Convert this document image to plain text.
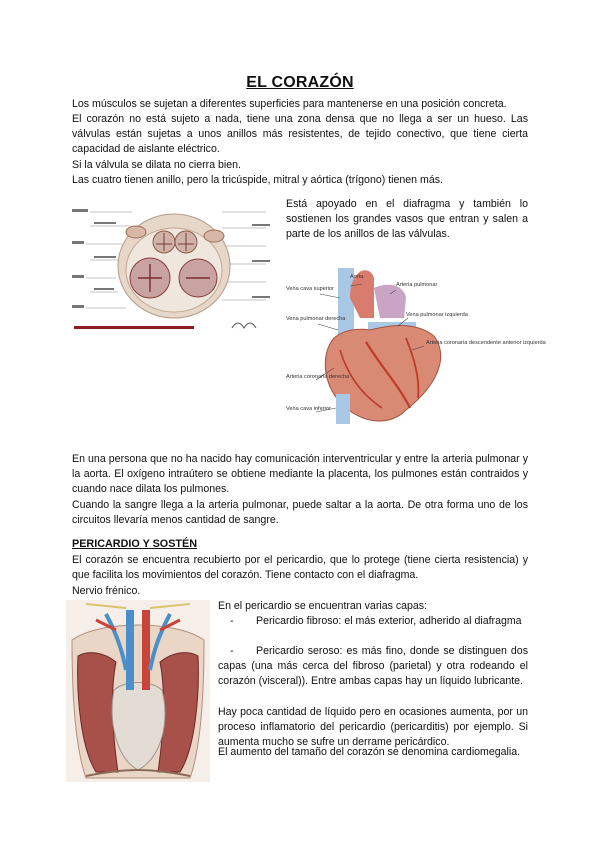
EL CORAZÓN

Los músculos se sujetan a diferentes superficies para mantenerse en una posición concreta.

El corazón no está sujeto a nada, tiene una zona densa que no llega a ser un hueso. Las válvulas están sujetas a unos anillos más resistentes, de tejido conectivo, que tiene cierta capacidad de aislante eléctrico.

Si la válvula se dilata no cierra bien.

Las cuatro tienen anillo, pero la tricúspide, mitral y aórtica (trígono) tienen más.

Está apoyado en el diafragma y también lo sostienen los grandes vasos que entran y salen a parte de los anillos de las válvulas.

Vena cava superior
Aorta
Arteria pulmonar
Vena pulmonar derecha
Vena pulmonar izquierda
Arteria coronaria descendente anterior izquierda
Arteria coronaria derecha
Vena cava inferior

En una persona que no ha nacido hay comunicación interventricular y entre la arteria pulmonar y la aorta. El oxígeno intraútero se obtiene mediante la placenta, los pulmones están contraidos y cuando nace dilata los pulmones.

Cuando la sangre llega a la arteria pulmonar, puede saltar a la aorta. De otra forma uno de los circuitos llevaría menos cantidad de sangre.

PERICARDIO Y SOSTÉN

El corazón se encuentra recubierto por el pericardio, que lo protege (tiene cierta resistencia) y que facilita los movimientos del corazón. Tiene contacto con el diafragma.

Nervio frénico.

En el pericardio se encuentran varias capas:

- Pericardio fibroso: el más exterior, adherido al diafragma
- Pericardio seroso: es más fino, donde se distinguen dos capas (una más cerca del fibroso (parietal) y otra rodeando el corazón (visceral)). Entre ambas capas hay un líquido lubricante.

Hay poca cantidad de líquido pero en ocasiones aumenta, por un proceso inflamatorio del pericardio (pericarditis) por ejemplo. Si aumenta mucho se sufre un derrame pericárdico.

El aumento del tamaño del corazón se denomina cardiomegalia.
